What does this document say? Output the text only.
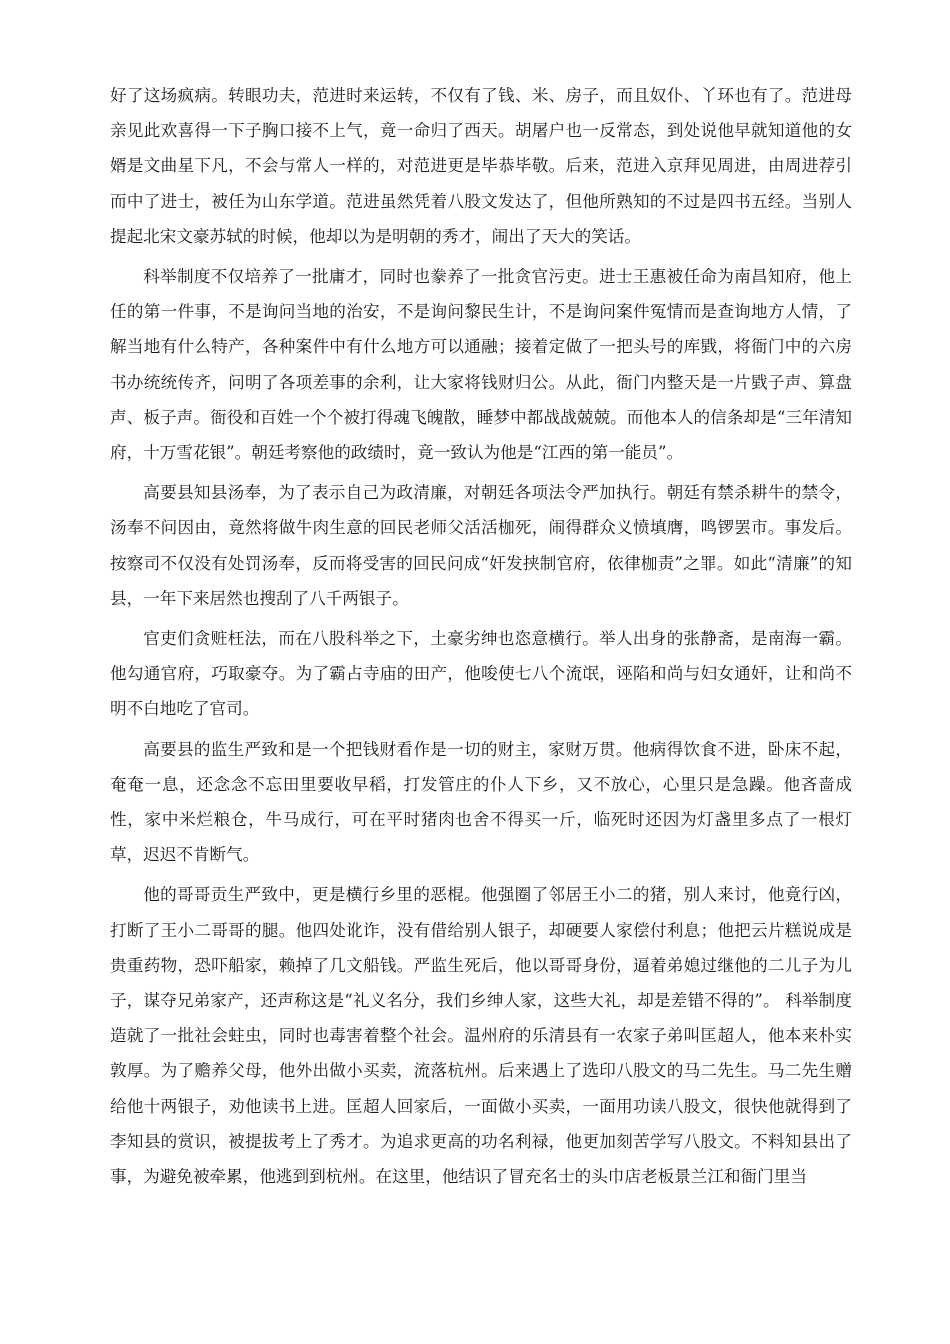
好了这场疯病。转眼功夫，范进时来运转，不仅有了钱、米、房子，而且奴仆、丫环也有了。范进母亲见此欢喜得一下子胸口接不上气，竟一命归了西天。胡屠户也一反常态，到处说他早就知道他的女婿是文曲星下凡，不会与常人一样的，对范进更是毕恭毕敬。后来，范进入京拜见周进，由周进荐引而中了进士，被任为山东学道。范进虽然凭着八股文发达了，但他所熟知的不过是四书五经。当别人提起北宋文豪苏轼的时候，他却以为是明朝的秀才，闹出了天大的笑话。

科举制度不仅培养了一批庸才，同时也豢养了一批贪官污吏。进士王惠被任命为南昌知府，他上任的第一件事，不是询问当地的治安，不是询问黎民生计，不是询问案件冤情而是查询地方人情，了解当地有什么特产，各种案件中有什么地方可以通融；接着定做了一把头号的库戥，将衙门中的六房书办统统传齐，问明了各项差事的余利，让大家将钱财归公。从此，衙门内整天是一片戥子声、算盘声、板子声。衙役和百姓一个个被打得魂飞魄散，睡梦中都战战兢兢。而他本人的信条却是“三年清知府，十万雪花银”。朝廷考察他的政绩时，竟一致认为他是“江西的第一能员”。

高要县知县汤奉，为了表示自己为政清廉，对朝廷各项法令严加执行。朝廷有禁杀耕牛的禁令，汤奉不问因由，竟然将做牛肉生意的回民老师父活活枷死，闹得群众义愤填膺，鸣锣罢市。事发后。按察司不仅没有处罚汤奉，反而将受害的回民问成“奸发挟制官府，依律枷责”之罪。如此“清廉”的知县，一年下来居然也搜刮了八千两银子。

官吏们贪赃枉法，而在八股科举之下，土豪劣绅也恣意横行。举人出身的张静斋，是南海一霸。他勾通官府，巧取豪夺。为了霸占寺庙的田产，他唆使七八个流氓，诬陷和尚与妇女通奸，让和尚不明不白地吃了官司。

高要县的监生严致和是一个把钱财看作是一切的财主，家财万贯。他病得饮食不进，卧床不起，奄奄一息，还念念不忘田里要收早稻，打发管庄的仆人下乡，又不放心，心里只是急躁。他吝啬成性，家中米烂粮仓，牛马成行，可在平时猪肉也舍不得买一斤，临死时还因为灯盏里多点了一根灯草，迟迟不肯断气。

他的哥哥贡生严致中，更是横行乡里的恶棍。他强圈了邻居王小二的猪，别人来讨，他竟行凶，打断了王小二哥哥的腿。他四处讹诈，没有借给别人银子，却硬要人家偿付利息；他把云片糕说成是贵重药物，恐吓船家，赖掉了几文船钱。严监生死后，他以哥哥身份，逼着弟媳过继他的二儿子为儿子，谋夺兄弟家产，还声称这是“礼义名分，我们乡绅人家，这些大礼，却是差错不得的”。 科举制度造就了一批社会蛀虫，同时也毒害着整个社会。温州府的乐清县有一农家子弟叫匡超人，他本来朴实敦厚。为了赡养父母，他外出做小买卖，流落杭州。后来遇上了选印八股文的马二先生。马二先生赠给他十两银子，劝他读书上进。匡超人回家后，一面做小买卖，一面用功读八股文，很快他就得到了李知县的赏识，被提拔考上了秀才。为追求更高的功名利禄，他更加刻苦学写八股文。不料知县出了事，为避免被牵累，他逃到到杭州。在这里，他结识了冒充名士的头巾店老板景兰江和衙门里当
